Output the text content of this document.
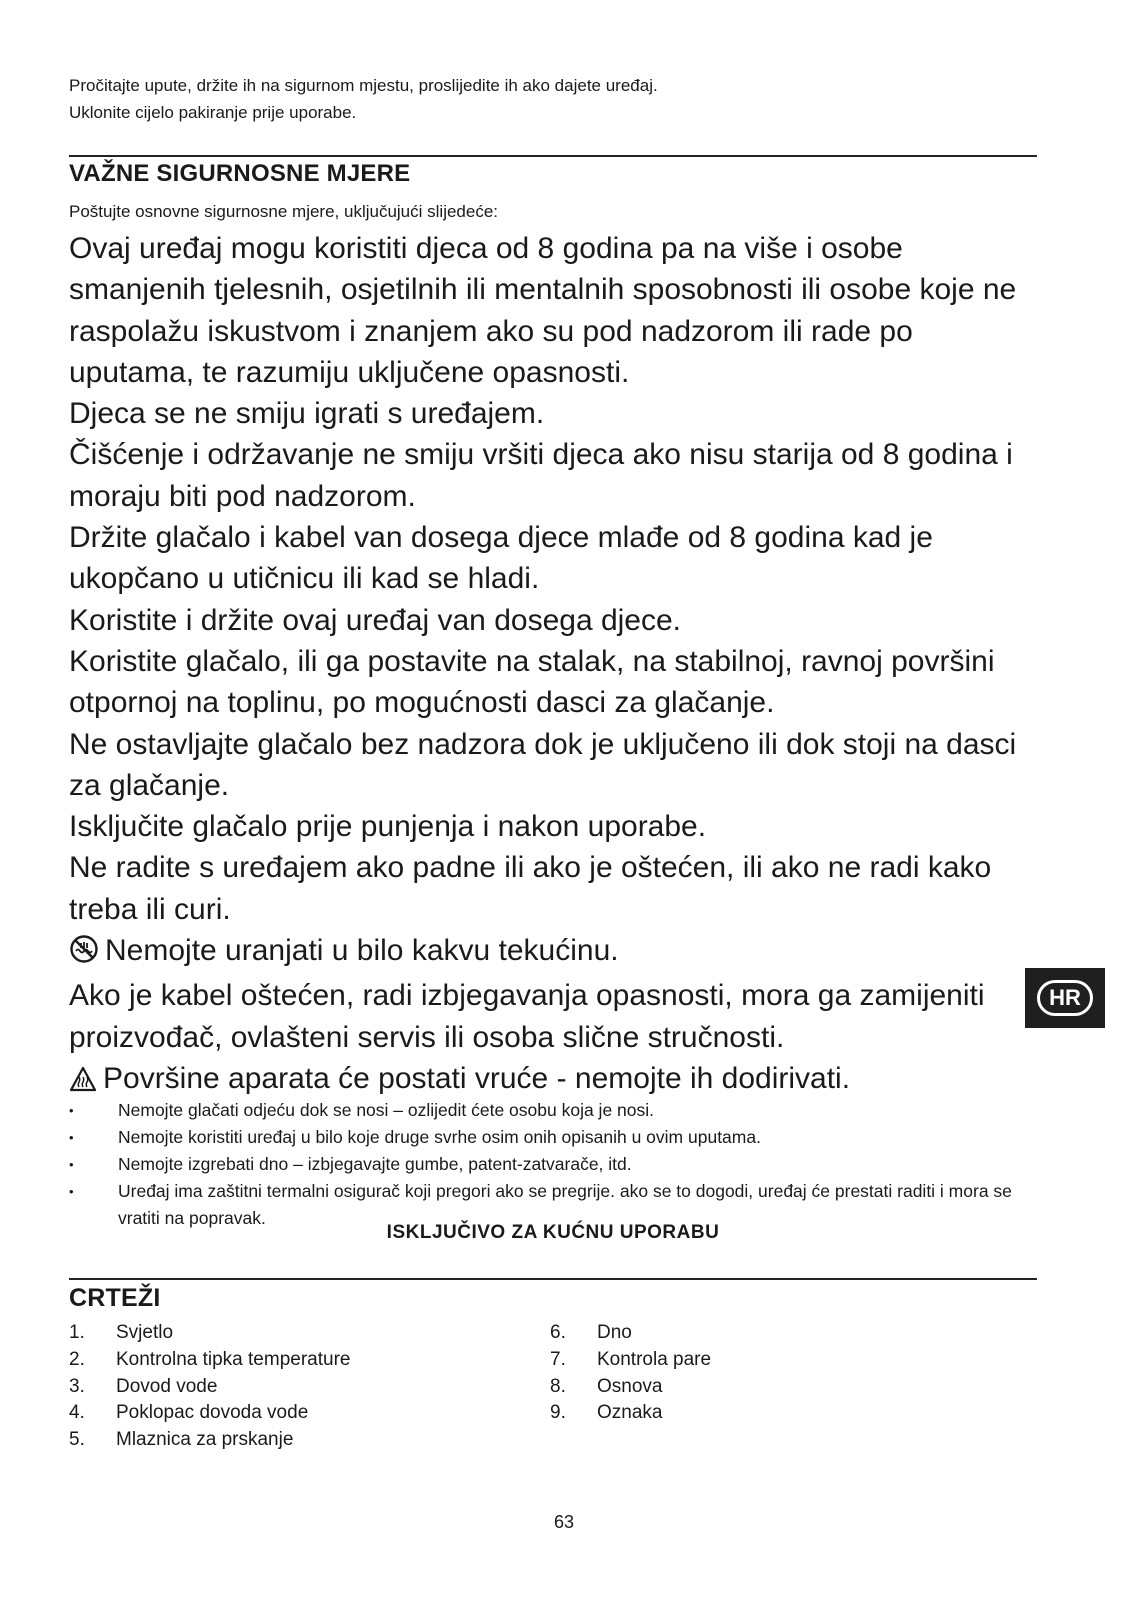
Pročitajte upute, držite ih na sigurnom mjestu, proslijedite ih ako dajete uređaj.
Uklonite cijelo pakiranje prije uporabe.
VAŽNE SIGURNOSNE MJERE
Poštujte osnovne sigurnosne mjere, uključujući slijedeće:

Ovaj uređaj mogu koristiti djeca od 8 godina pa na više i osobe smanjenih tjelesnih, osjetilnih ili mentalnih sposobnosti ili osobe koje ne raspolažu iskustvom i znanjem ako su pod nadzorom ili rade po uputama, te razumiju uključene opasnosti.

Djeca se ne smiju igrati s uređajem.

Čišćenje i održavanje ne smiju vršiti djeca ako nisu starija od 8 godina i moraju biti pod nadzorom.

Držite glačalo i kabel van dosega djece mlađe od 8 godina kad je ukopčano u utičnicu ili kad se hladi.

Koristite i držite ovaj uređaj van dosega djece.

Koristite glačalo, ili ga postavite na stalak, na stabilnoj, ravnoj površini otpornoj na toplinu, po mogućnosti dasci za glačanje.

Ne ostavljajte glačalo bez nadzora dok je uključeno ili dok stoji na dasci za glačanje.

Isključite glačalo prije punjenja i nakon uporabe.

Ne radite s uređajem ako padne ili ako je oštećen, ili ako ne radi kako treba ili curi.

Nemojte uranjati u bilo kakvu tekućinu.

Ako je kabel oštećen, radi izbjegavanja opasnosti, mora ga zamijeniti proizvođač, ovlašteni servis ili osoba slične stručnosti.

Površine aparata će postati vruće - nemojte ih dodirivati.

•	Nemojte glačati odjeću dok se nosi – ozlijedit ćete osobu koja je nosi.
•	Nemojte koristiti uređaj u bilo koje druge svrhe osim onih opisanih u ovim uputama.
•	Nemojte izgrebati dno – izbjegavajte gumbe, patent-zatvarače, itd.
•	Uređaj ima zaštitni termalni osigurač koji pregori ako se pregrije. ako se to dogodi, uređaj će prestati raditi i mora se vratiti na popravak.
ISKLJUČIVO ZA KUĆNU UPORABU
CRTEŽI
1.	Svjetlo
2.	Kontrolna tipka temperature
3.	Dovod vode
4.	Poklopac dovoda vode
5.	Mlaznica za prskanje
6.	Dno
7.	Kontrola pare
8.	Osnova
9.	Oznaka
HR
63
